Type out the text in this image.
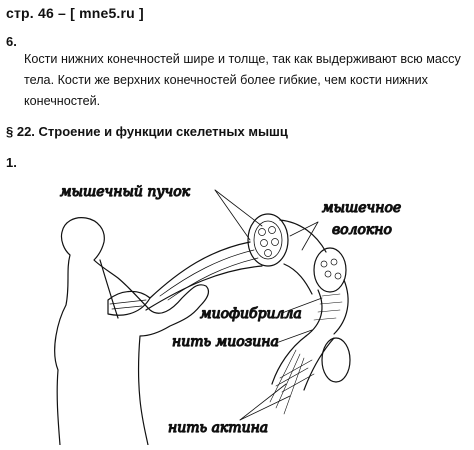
стр. 46 – [ mne5.ru ]
6.
Кости нижних конечностей шире и толще, так как выдерживают всю массу
тела. Кости же верхних конечностей более гибкие, чем кости нижних
конечностей.
§ 22. Строение и функции скелетных мышц
1.
мышечный пучок
мышечное
волокно
миофибрилла
нить миозина
нить актина
